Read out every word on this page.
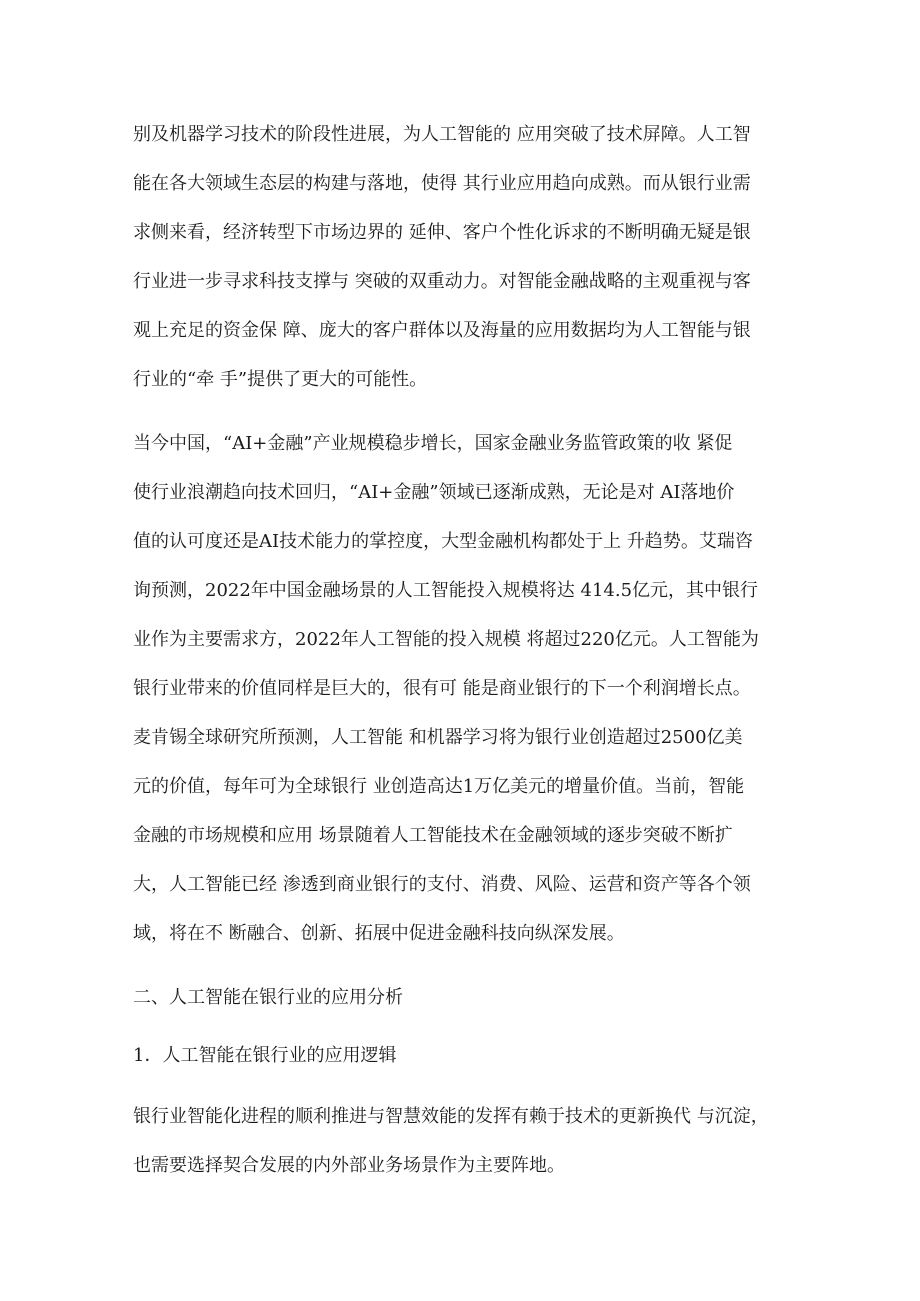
别及机器学习技术的阶段性进展，为人工智能的 应用突破了技术屏障。人工智
能在各大领域生态层的构建与落地，使得 其行业应用趋向成熟。而从银行业需
求侧来看，经济转型下市场边界的 延伸、客户个性化诉求的不断明确无疑是银
行业进一步寻求科技支撑与 突破的双重动力。对智能金融战略的主观重视与客
观上充足的资金保 障、庞大的客户群体以及海量的应用数据均为人工智能与银
行业的“牵 手”提供了更大的可能性。
当今中国，“AI+金融”产业规模稳步增长，国家金融业务监管政策的收 紧促
使行业浪潮趋向技术回归，“AI+金融”领域已逐渐成熟，无论是对 AI落地价
值的认可度还是AI技术能力的掌控度，大型金融机构都处于上 升趋势。艾瑞咨
询预测，2022年中国金融场景的人工智能投入规模将达 414.5亿元，其中银行
业作为主要需求方，2022年人工智能的投入规模 将超过220亿元。人工智能为
银行业带来的价值同样是巨大的，很有可 能是商业银行的下一个利润增长点。
麦肯锡全球研究所预测，人工智能 和机器学习将为银行业创造超过2500亿美
元的价值，每年可为全球银行 业创造高达1万亿美元的增量价值。当前，智能
金融的市场规模和应用 场景随着人工智能技术在金融领域的逐步突破不断扩
大，人工智能已经 渗透到商业银行的支付、消费、风险、运营和资产等各个领
域，将在不 断融合、创新、拓展中促进金融科技向纵深发展。
二、人工智能在银行业的应用分析
1．人工智能在银行业的应用逻辑
银行业智能化进程的顺利推进与智慧效能的发挥有赖于技术的更新换代 与沉淀，
也需要选择契合发展的内外部业务场景作为主要阵地。
